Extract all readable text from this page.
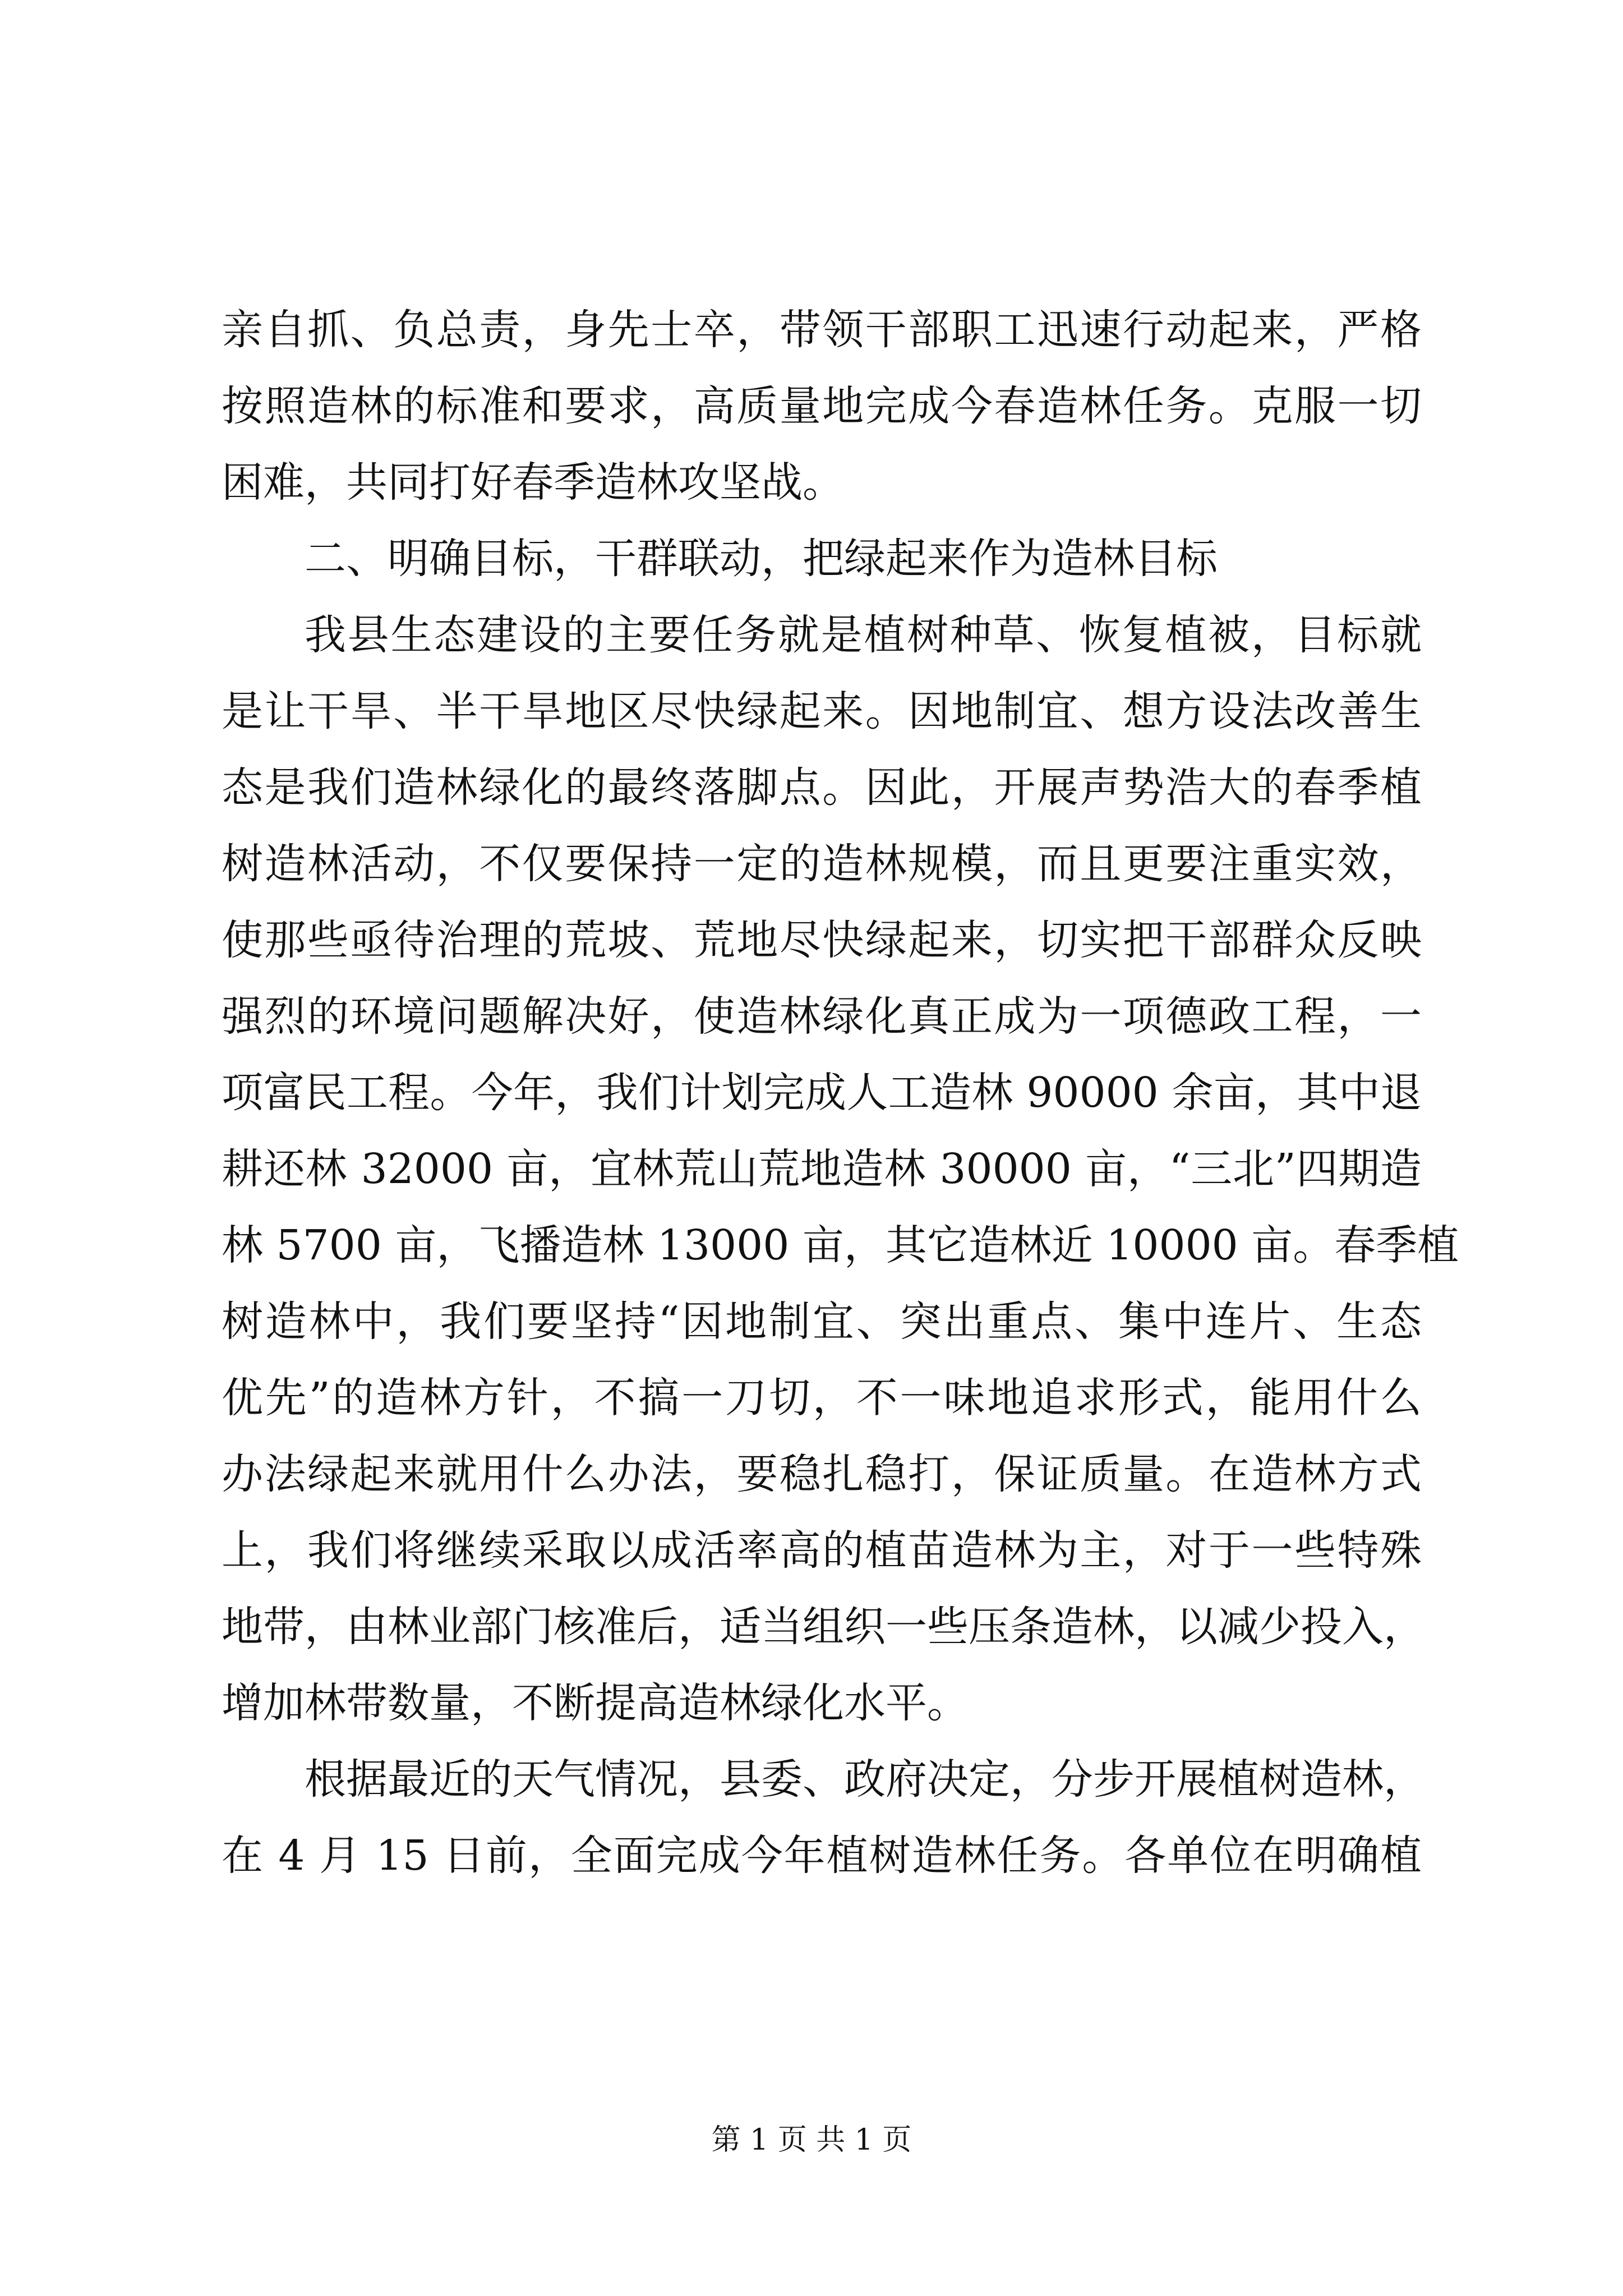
亲自抓、负总责，身先士卒，带领干部职工迅速行动起来，严格
按照造林的标准和要求，高质量地完成今春造林任务。克服一切
困难，共同打好春季造林攻坚战。
二、明确目标，干群联动，把绿起来作为造林目标
我县生态建设的主要任务就是植树种草、恢复植被，目标就
是让干旱、半干旱地区尽快绿起来。因地制宜、想方设法改善生
态是我们造林绿化的最终落脚点。因此，开展声势浩大的春季植
树造林活动，不仅要保持一定的造林规模，而且更要注重实效，
使那些亟待治理的荒坡、荒地尽快绿起来，切实把干部群众反映
强烈的环境问题解决好，使造林绿化真正成为一项德政工程，一
项富民工程。今年，我们计划完成人工造林 90000 余亩，其中退
耕还林 32000 亩，宜林荒山荒地造林 30000 亩，“三北”四期造
林 5700 亩，飞播造林 13000 亩，其它造林近 10000 亩。春季植
树造林中，我们要坚持“因地制宜、突出重点、集中连片、生态
优先”的造林方针，不搞一刀切，不一味地追求形式，能用什么
办法绿起来就用什么办法，要稳扎稳打，保证质量。在造林方式
上，我们将继续采取以成活率高的植苗造林为主，对于一些特殊
地带，由林业部门核准后，适当组织一些压条造林，以减少投入，
增加林带数量，不断提高造林绿化水平。
根据最近的天气情况，县委、政府决定，分步开展植树造林，
在 4 月 15 日前，全面完成今年植树造林任务。各单位在明确植
第 1 页 共 1 页
